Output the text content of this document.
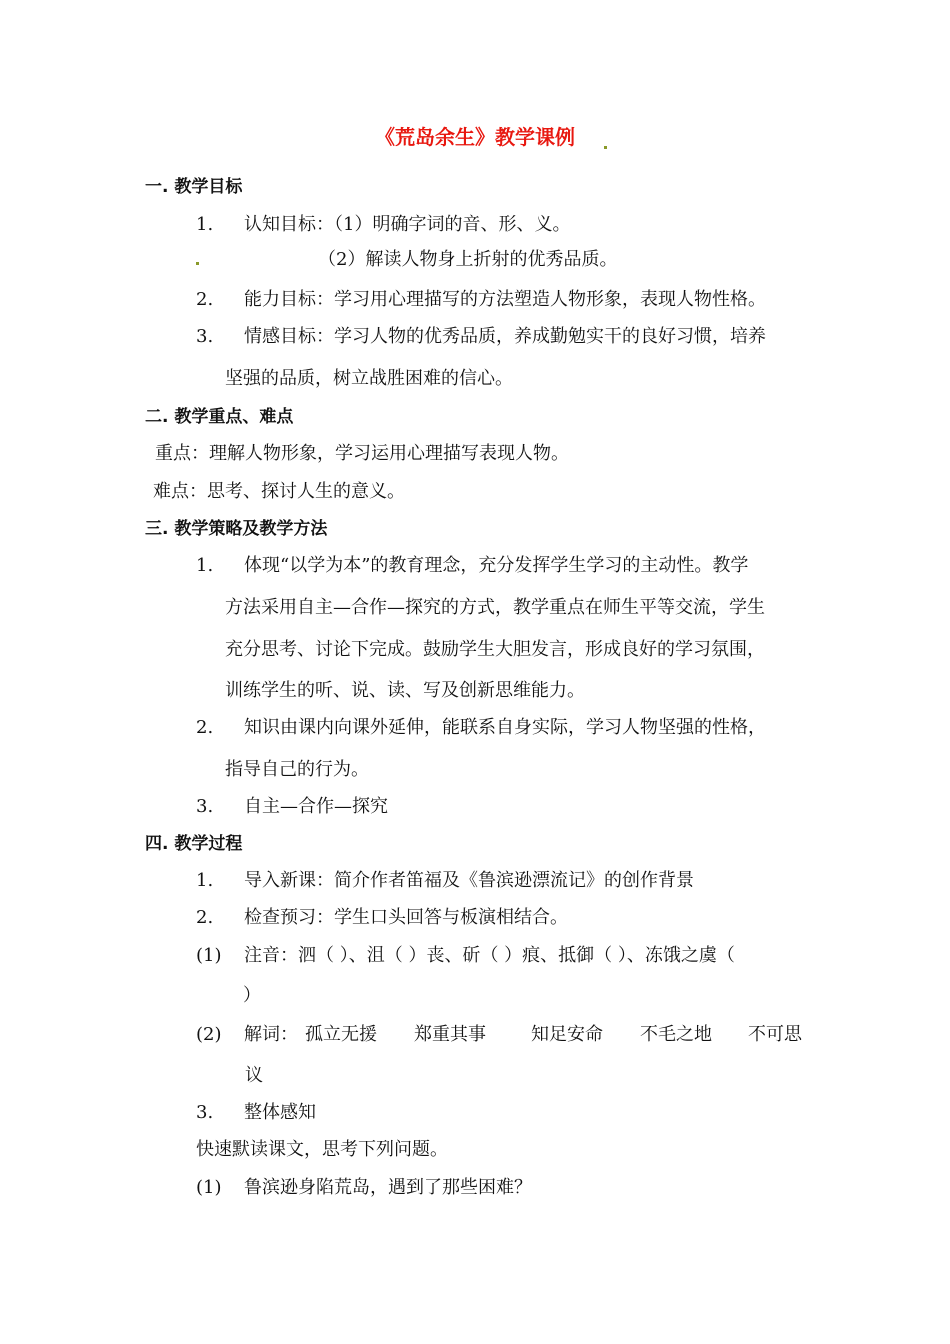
《荒岛余生》教学课例
一. 教学目标
1. 认知目标：（1）明确字词的音、形、义。
（2）解读人物身上折射的优秀品质。
2. 能力目标：学习用心理描写的方法塑造人物形象，表现人物性格。
3. 情感目标：学习人物的优秀品质，养成勤勉实干的良好习惯，培养
坚强的品质，树立战胜困难的信心。
二. 教学重点、难点
重点：理解人物形象，学习运用心理描写表现人物。
难点：思考、探讨人生的意义。
三. 教学策略及教学方法
1. 体现“以学为本”的教育理念，充分发挥学生学习的主动性。教学
方法采用自主—合作—探究的方式，教学重点在师生平等交流，学生
充分思考、讨论下完成。鼓励学生大胆发言，形成良好的学习氛围，
训练学生的听、说、读、写及创新思维能力。
2. 知识由课内向课外延伸，能联系自身实际，学习人物坚强的性格，
指导自己的行为。
3. 自主—合作—探究
四. 教学过程
1. 导入新课：简介作者笛福及《鲁滨逊漂流记》的创作背景
2. 检查预习：学生口头回答与板演相结合。
(1) 注音：泗（ ）、沮（ ）丧、斫（ ）痕、抵御（ ）、冻饿之虞（
）
(2) 解词： 孤立无援 郑重其事	知足安命 不毛之地 不可思
议
3. 整体感知
快速默读课文，思考下列问题。
(1) 鲁滨逊身陷荒岛，遇到了那些困难？
